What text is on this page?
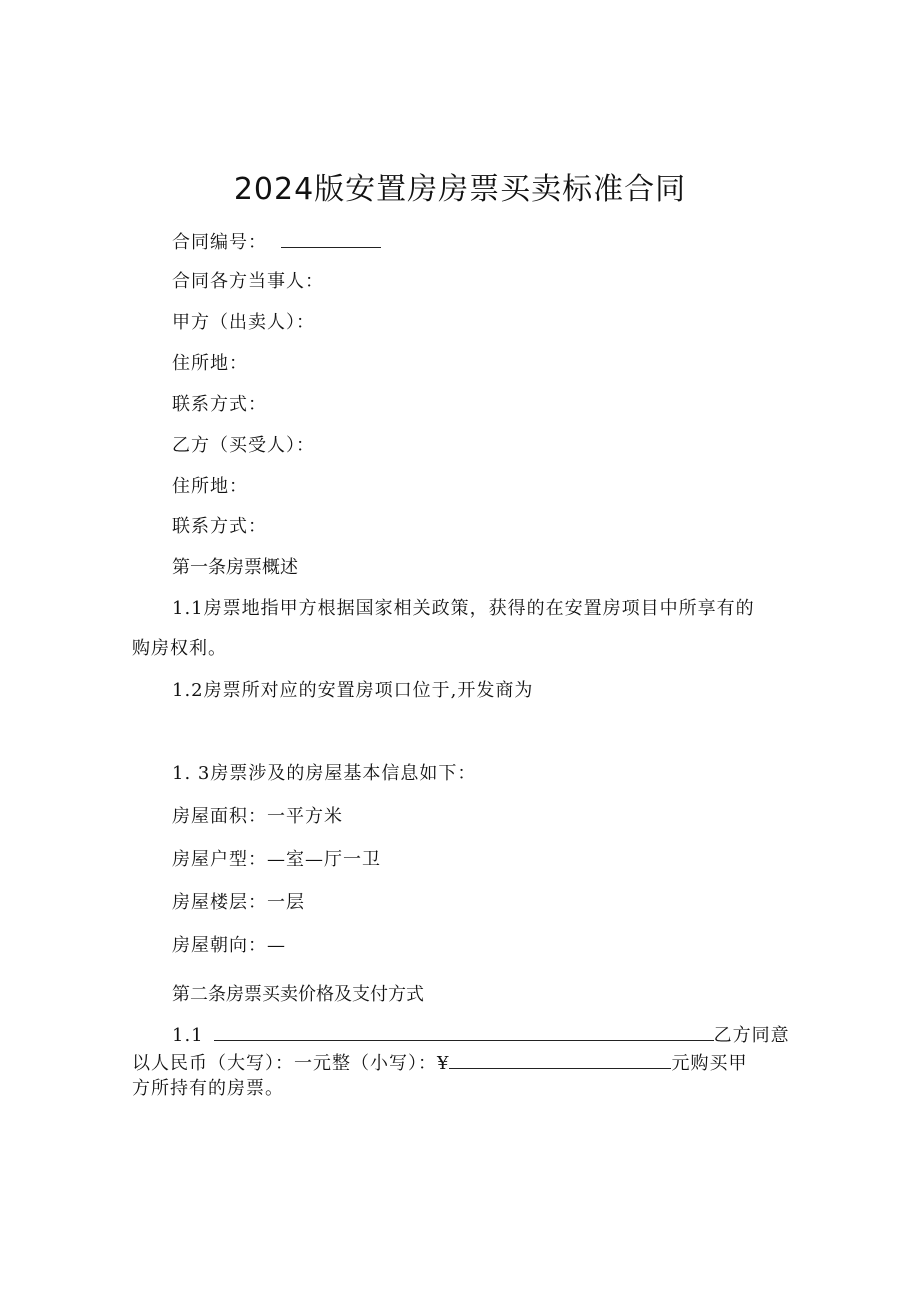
2024版安置房房票买卖标准合同
合同编号：
合同各方当事人：
甲方（出卖人）：
住所地：
联系方式：
乙方（买受人）：
住所地：
联系方式：
第一条房票概述
1.1房票地指甲方根据国家相关政策，获得的在安置房项目中所享有的
购房权利。
1.2房票所对应的安置房项口位于,开发商为
1. 3房票涉及的房屋基本信息如下：
房屋面积：一平方米
房屋户型：—室—厅一卫
房屋楼层：一层
房屋朝向：—
第二条房票买卖价格及支付方式
1.1	乙方同意
以人民币（大写）：一元整（小写）：¥	元购买甲
方所持有的房票。
